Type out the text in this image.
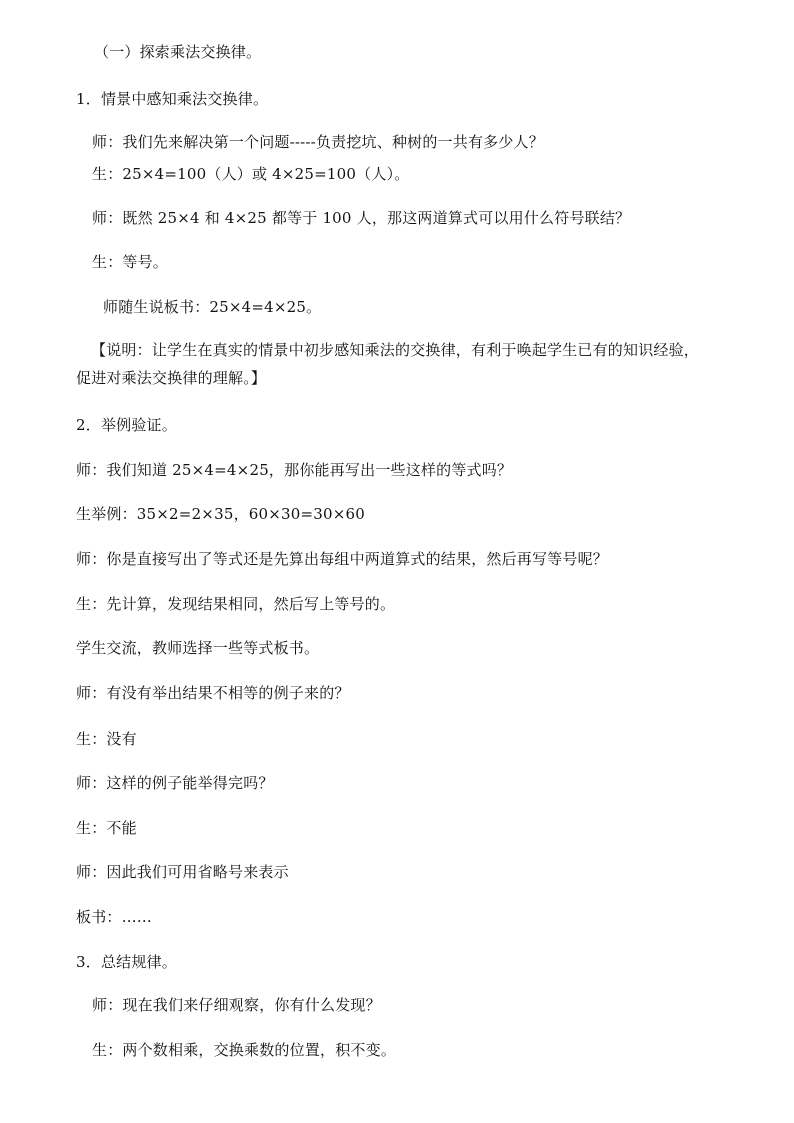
（一）探索乘法交换律。
1．情景中感知乘法交换律。
师：我们先来解决第一个问题-----负责挖坑、种树的一共有多少人？
生：25×4=100（人）或 4×25=100（人）。
师：既然 25×4 和 4×25 都等于 100 人，那这两道算式可以用什么符号联结？
生：等号。
师随生说板书：25×4=4×25。
【说明：让学生在真实的情景中初步感知乘法的交换律，有利于唤起学生已有的知识经验，
促进对乘法交换律的理解。】
2．举例验证。
师：我们知道 25×4=4×25，那你能再写出一些这样的等式吗？
生举例：35×2=2×35，60×30=30×60
师：你是直接写出了等式还是先算出每组中两道算式的结果，然后再写等号呢？
生：先计算，发现结果相同，然后写上等号的。
学生交流，教师选择一些等式板书。
师：有没有举出结果不相等的例子来的？
生：没有
师：这样的例子能举得完吗？
生：不能
师：因此我们可用省略号来表示
板书：……
3．总结规律。
师：现在我们来仔细观察，你有什么发现？
生：两个数相乘，交换乘数的位置，积不变。
